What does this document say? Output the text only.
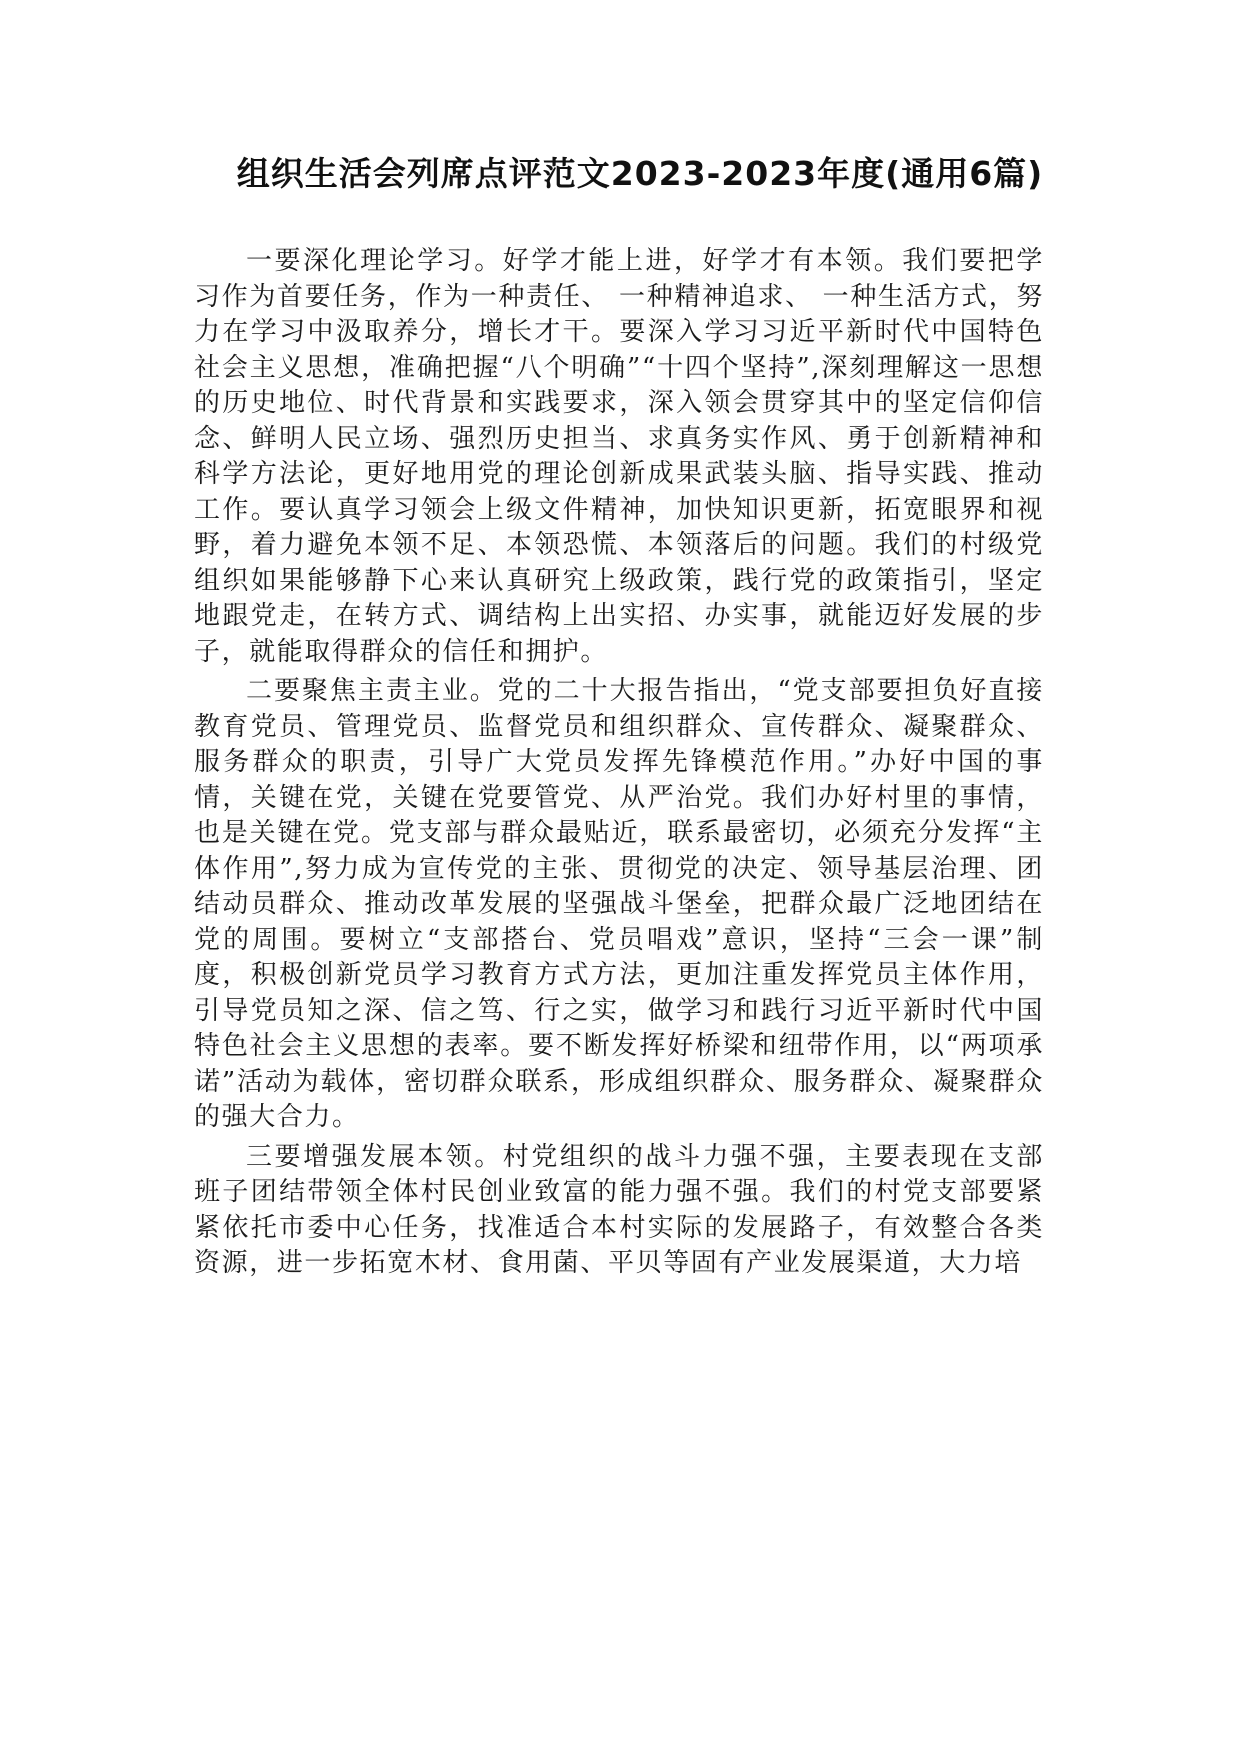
组织生活会列席点评范文2023-2023年度(通用6篇)

一要深化理论学习。好学才能上进，好学才有本领。我们要把学习作为首要任务，作为一种责任、 一种精神追求、 一种生活方式，努力在学习中汲取养分，增长才干。要深入学习习近平新时代中国特色社会主义思想，准确把握“八个明确”“十四个坚持”,深刻理解这一思想的历史地位、时代背景和实践要求，深入领会贯穿其中的坚定信仰信念、鲜明人民立场、强烈历史担当、求真务实作风、勇于创新精神和科学方法论，更好地用党的理论创新成果武装头脑、指导实践、推动工作。要认真学习领会上级文件精神，加快知识更新，拓宽眼界和视野，着力避免本领不足、本领恐慌、本领落后的问题。我们的村级党组织如果能够静下心来认真研究上级政策，践行党的政策指引，坚定地跟党走，在转方式、调结构上出实招、办实事，就能迈好发展的步子，就能取得群众的信任和拥护。

二要聚焦主责主业。党的二十大报告指出，“党支部要担负好直接教育党员、管理党员、监督党员和组织群众、宣传群众、凝聚群众、服务群众的职责，引导广大党员发挥先锋模范作用。”办好中国的事情，关键在党，关键在党要管党、从严治党。我们办好村里的事情，也是关键在党。党支部与群众最贴近，联系最密切，必须充分发挥“主体作用”,努力成为宣传党的主张、贯彻党的决定、领导基层治理、团结动员群众、推动改革发展的坚强战斗堡垒，把群众最广泛地团结在党的周围。要树立“支部搭台、党员唱戏”意识，坚持“三会一课”制度，积极创新党员学习教育方式方法，更加注重发挥党员主体作用，引导党员知之深、信之笃、行之实，做学习和践行习近平新时代中国特色社会主义思想的表率。要不断发挥好桥梁和纽带作用，以“两项承诺”活动为载体，密切群众联系，形成组织群众、服务群众、凝聚群众的强大合力。

三要增强发展本领。村党组织的战斗力强不强，主要表现在支部班子团结带领全体村民创业致富的能力强不强。我们的村党支部要紧紧依托市委中心任务，找准适合本村实际的发展路子，有效整合各类资源，进一步拓宽木材、食用菌、平贝等固有产业发展渠道，大力培
